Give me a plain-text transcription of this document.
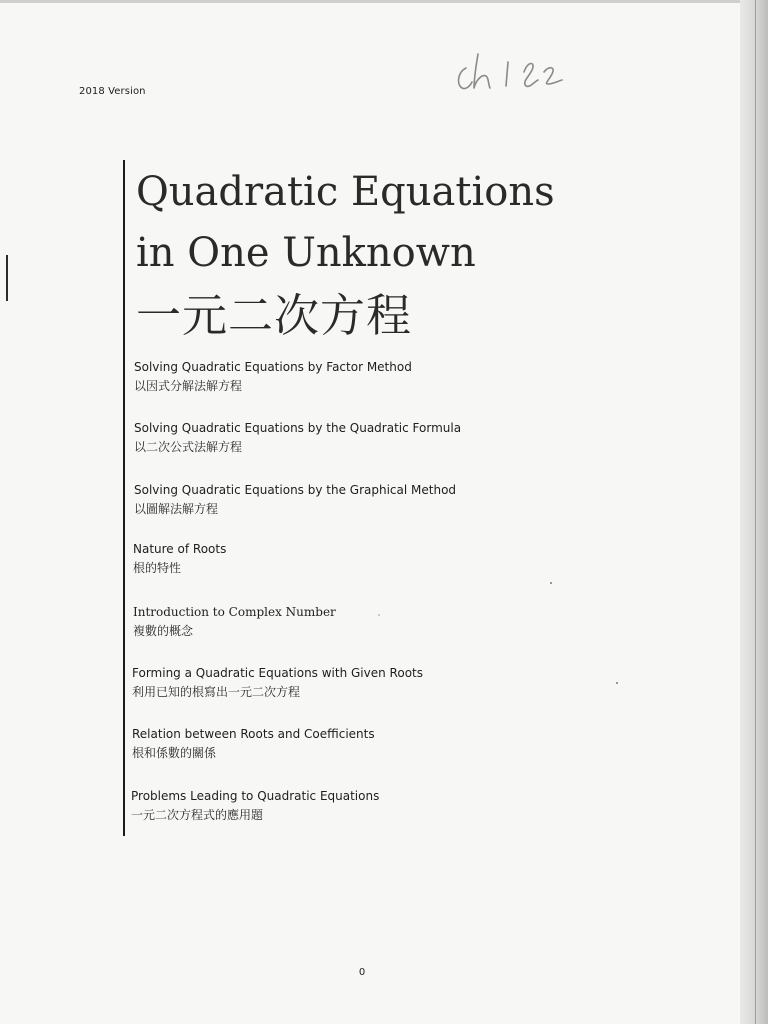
2018 Version
Quadratic Equations
in One Unknown
一元二次方程
Solving Quadratic Equations by Factor Method
以因式分解法解方程
Solving Quadratic Equations by the Quadratic Formula
以二次公式法解方程
Solving Quadratic Equations by the Graphical Method
以圖解法解方程
Nature of Roots
根的特性
Introduction to Complex Number
複數的概念
Forming a Quadratic Equations with Given Roots
利用已知的根寫出一元二次方程
Relation between Roots and Coefficients
根和係數的關係
Problems Leading to Quadratic Equations
一元二次方程式的應用題
0
